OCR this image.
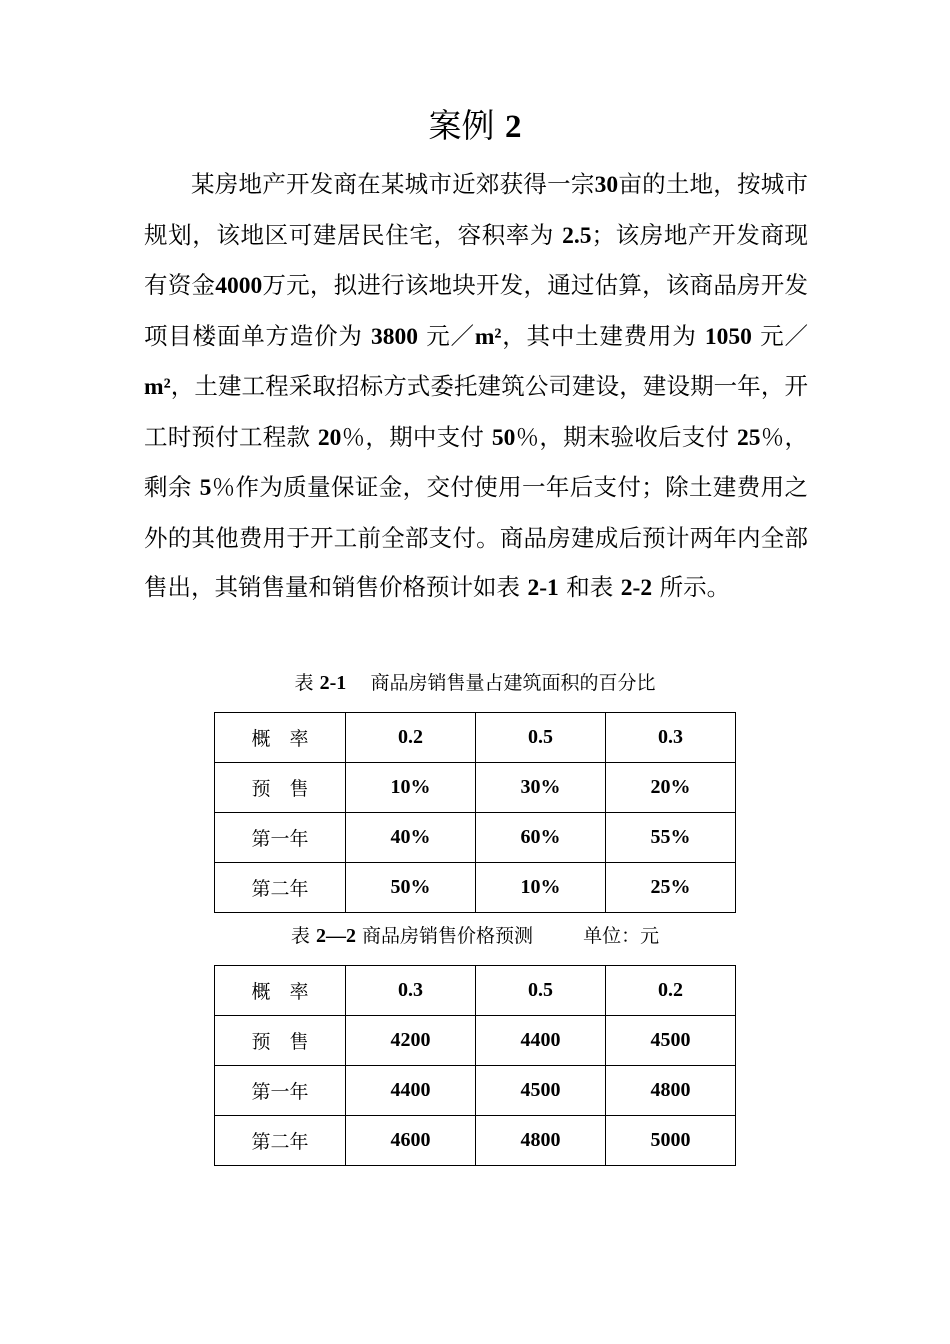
案例 2

某房地产开发商在某城市近郊获得一宗30亩的土地，按城市规划，该地区可建居民住宅，容积率为 2.5；该房地产开发商现有资金4000万元，拟进行该地块开发，通过估算，该商品房开发项目楼面单方造价为 3800 元／m²，其中土建费用为 1050 元／m²，土建工程采取招标方式委托建筑公司建设，建设期一年，开工时预付工程款 20％，期中支付 50％，期末验收后支付 25％，剩余 5％作为质量保证金，交付使用一年后支付；除土建费用之外的其他费用于开工前全部支付。商品房建成后预计两年内全部售出，其销售量和销售价格预计如表 2-1 和表 2-2 所示。

表 2-1 商品房销售量占建筑面积的百分比
概　率	0.2	0.5	0.3
预　售	10%	30%	20%
第一年	40%	60%	55%
第二年	50%	10%	25%
表 2—2 商品房销售价格预测	单位：元
概　率	0.3	0.5	0.2
预　售	4200	4400	4500
第一年	4400	4500	4800
第二年	4600	4800	5000
